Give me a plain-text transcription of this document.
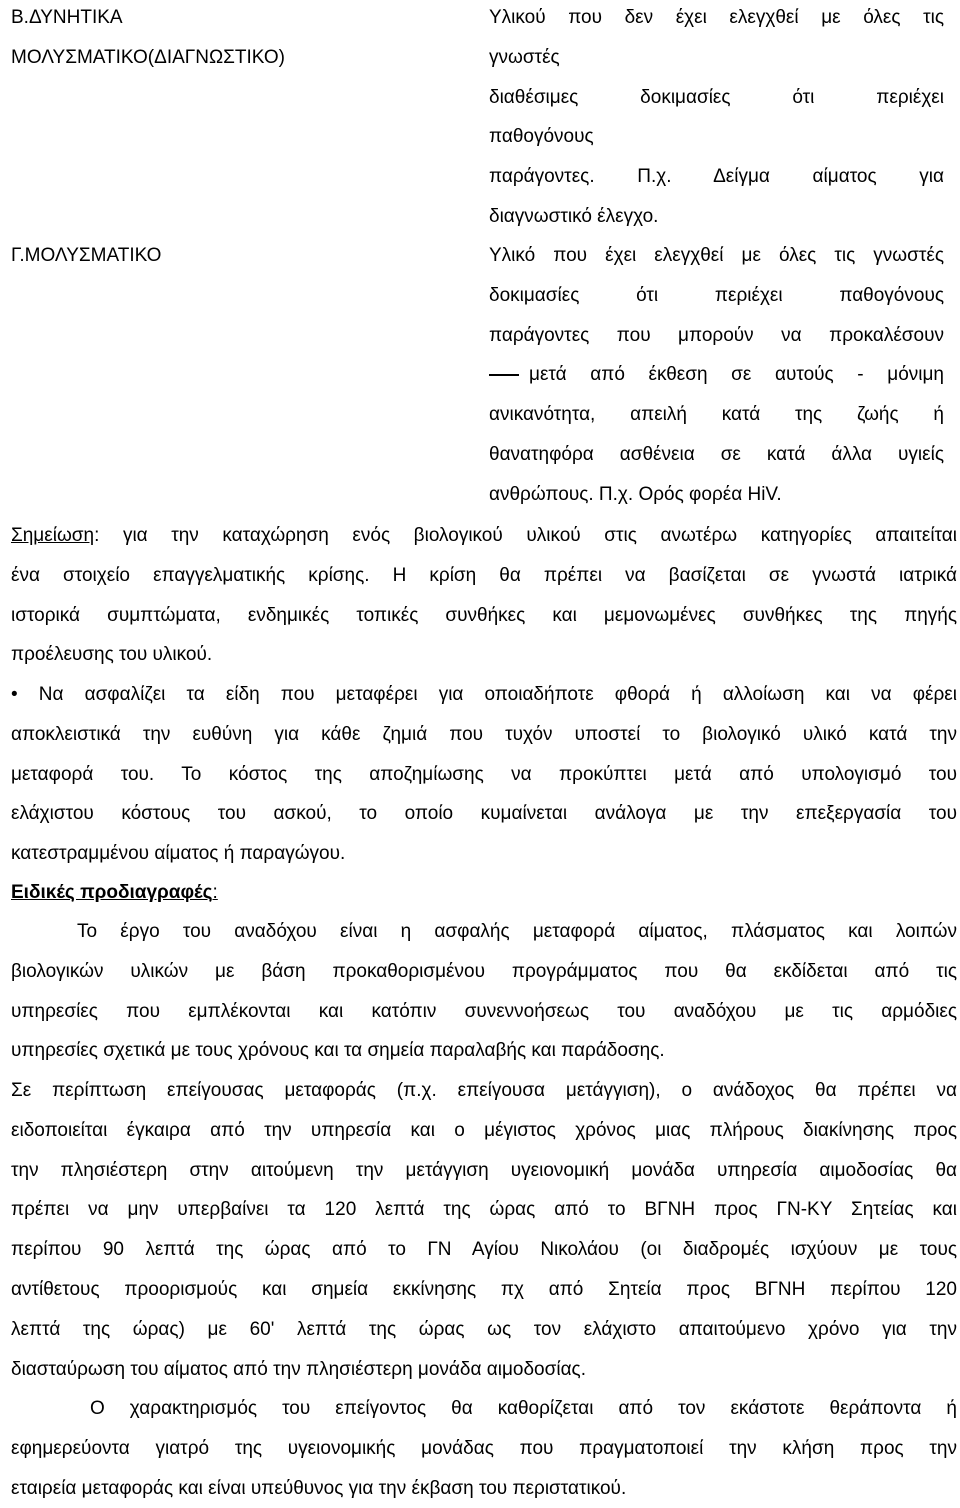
Β.ΔΥΝΗΤΙΚΑ
ΜΟΛΥΣΜΑΤΙΚΟ(ΔΙΑΓΝΩΣΤΙΚΟ)
Υλικού που δεν έχει ελεγχθεί με όλες τις
γνωστές
διαθέσιμες δοκιμασίες ότι περιέχει
παθογόνους
παράγοντες. Π.χ. Δείγμα αίματος για
διαγνωστικό έλεγχο.
Γ.ΜΟΛΥΣΜΑΤΙΚΟ	Υλικό που έχει ελεγχθεί με όλες τις γνωστές
δοκιμασίες ότι περιέχει παθογόνους
παράγοντες που μπορούν να προκαλέσουν
μετά από έκθεση σε αυτούς - μόνιμη
ανικανότητα, απειλή κατά της ζωής ή
θανατηφόρα ασθένεια σε κατά άλλα υγιείς
ανθρώπους. Π.χ. Ορός φορέα HiV.
Σημείωση: για την καταχώρηση ενός βιολογικού υλικού στις ανωτέρω κατηγορίες απαιτείται
ένα στοιχείο επαγγελματικής κρίσης. Η κρίση θα πρέπει να βασίζεται σε γνωστά ιατρικά
ιστορικά συμπτώματα, ενδημικές τοπικές συνθήκες και μεμονωμένες συνθήκες της πηγής
προέλευσης του υλικού.
• Να ασφαλίζει τα είδη που μεταφέρει για οποιαδήποτε φθορά ή αλλοίωση και να φέρει
αποκλειστικά την ευθύνη για κάθε ζημιά που τυχόν υποστεί το βιολογικό υλικό κατά την
μεταφορά του. Το κόστος της αποζημίωσης να προκύπτει μετά από υπολογισμό του
ελάχιστου κόστους του ασκού, το οποίο κυμαίνεται ανάλογα με την επεξεργασία του
κατεστραμμένου αίματος ή παραγώγου.
Ειδικές προδιαγραφές:
Το έργο του αναδόχου είναι η ασφαλής μεταφορά αίματος, πλάσματος και λοιπών
βιολογικών υλικών με βάση προκαθορισμένου προγράμματος που θα εκδίδεται από τις
υπηρεσίες που εμπλέκονται και κατόπιν συνεννοήσεως του αναδόχου με τις αρμόδιες
υπηρεσίες σχετικά με τους χρόνους και τα σημεία παραλαβής και παράδοσης.
Σε περίπτωση επείγουσας μεταφοράς (π.χ. επείγουσα μετάγγιση), ο ανάδοχος θα πρέπει να
ειδοποιείται έγκαιρα από την υπηρεσία και ο μέγιστος χρόνος μιας πλήρους διακίνησης προς
την πλησιέστερη στην αιτούμενη την μετάγγιση υγειονομική μονάδα υπηρεσία αιμοδοσίας θα
πρέπει να μην υπερβαίνει τα 120 λεπτά της ώρας από το ΒΓΝΗ προς ΓΝ-ΚΥ Σητείας και
περίπου 90 λεπτά της ώρας από το ΓΝ Αγίου Νικολάου (οι διαδρομές ισχύουν με τους
αντίθετους προορισμούς και σημεία εκκίνησης πχ από Σητεία προς ΒΓΝΗ περίπου 120
λεπτά της ώρας) με 60' λεπτά της ώρας ως τον ελάχιστο απαιτούμενο χρόνο για την
διασταύρωση του αίματος από την πλησιέστερη μονάδα αιμοδοσίας.
Ο χαρακτηρισμός του επείγοντος θα καθορίζεται από τον εκάστοτε θεράποντα ή
εφημερεύοντα γιατρό της υγειονομικής μονάδας που πραγματοποιεί την κλήση προς την
εταιρεία μεταφοράς και είναι υπεύθυνος για την έκβαση του περιστατικού.
